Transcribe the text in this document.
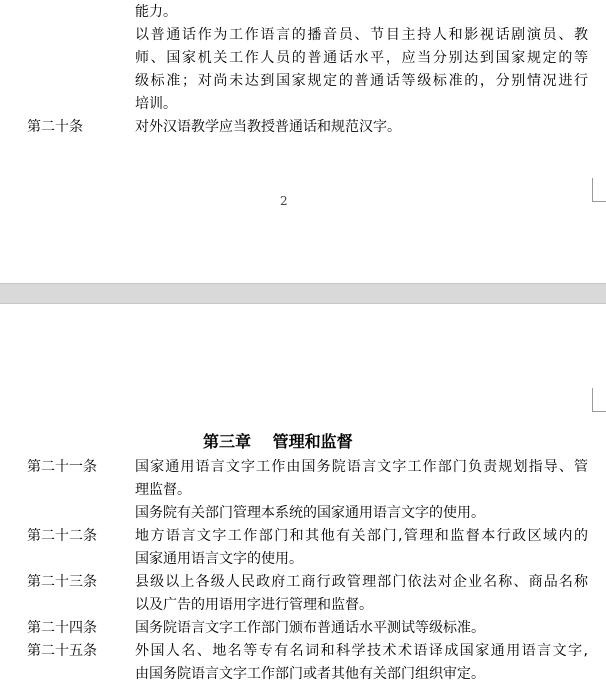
能力。
以普通话作为工作语言的播音员、节目主持人和影视话剧演员、教
师、国家机关工作人员的普通话水平，应当分别达到国家规定的等
级标准；对尚未达到国家规定的普通话等级标准的，分别情况进行
培训。
第二十条	对外汉语教学应当教授普通话和规范汉字。
2
第三章　 管理和监督
第二十一条	国家通用语言文字工作由国务院语言文字工作部门负责规划指导、管
理监督。
国务院有关部门管理本系统的国家通用语言文字的使用。
第二十二条	地方语言文字工作部门和其他有关部门,管理和监督本行政区域内的
国家通用语言文字的使用。
第二十三条	县级以上各级人民政府工商行政管理部门依法对企业名称、商品名称
以及广告的用语用字进行管理和监督。
第二十四条	国务院语言文字工作部门颁布普通话水平测试等级标准。
第二十五条	外国人名、地名等专有名词和科学技术术语译成国家通用语言文字,
由国务院语言文字工作部门或者其他有关部门组织审定。
